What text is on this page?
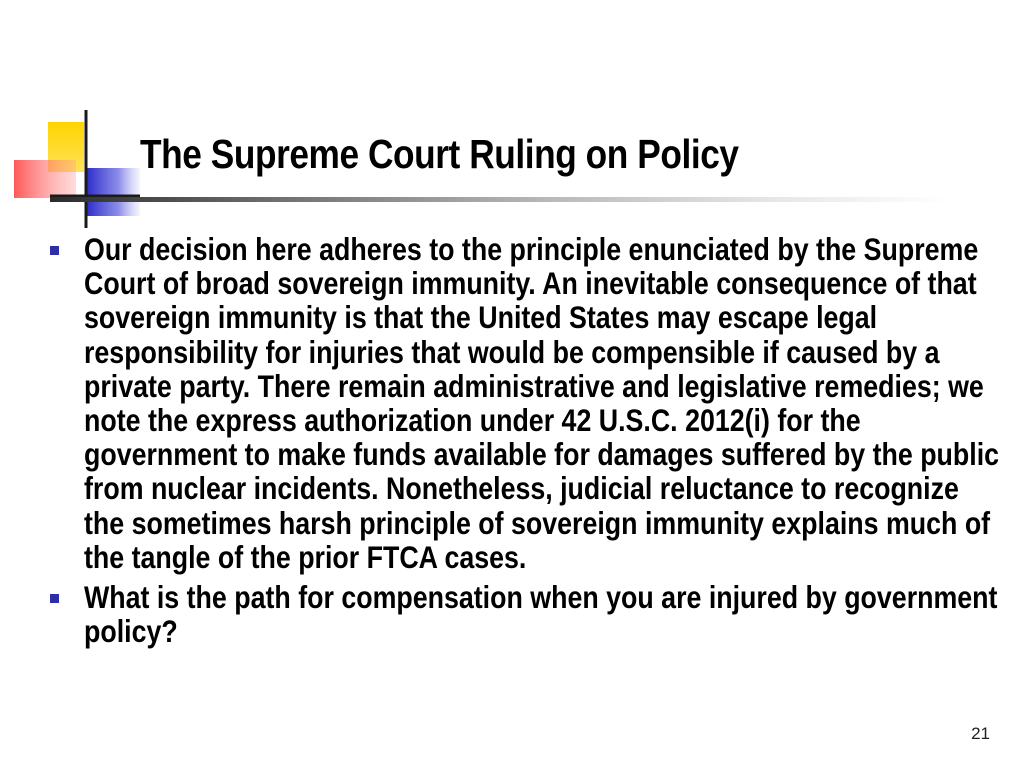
The Supreme Court Ruling on Policy
Our decision here adheres to the principle enunciated by the Supreme Court of broad sovereign immunity. An inevitable consequence of that sovereign immunity is that the United States may escape legal responsibility for injuries that would be compensible if caused by a private party. There remain administrative and legislative remedies; we note the express authorization under 42 U.S.C. 2012(i) for the government to make funds available for damages suffered by the public from nuclear incidents. Nonetheless, judicial reluctance to recognize the sometimes harsh principle of sovereign immunity explains much of the tangle of the prior FTCA cases.
What is the path for compensation when you are injured by government policy?
21
